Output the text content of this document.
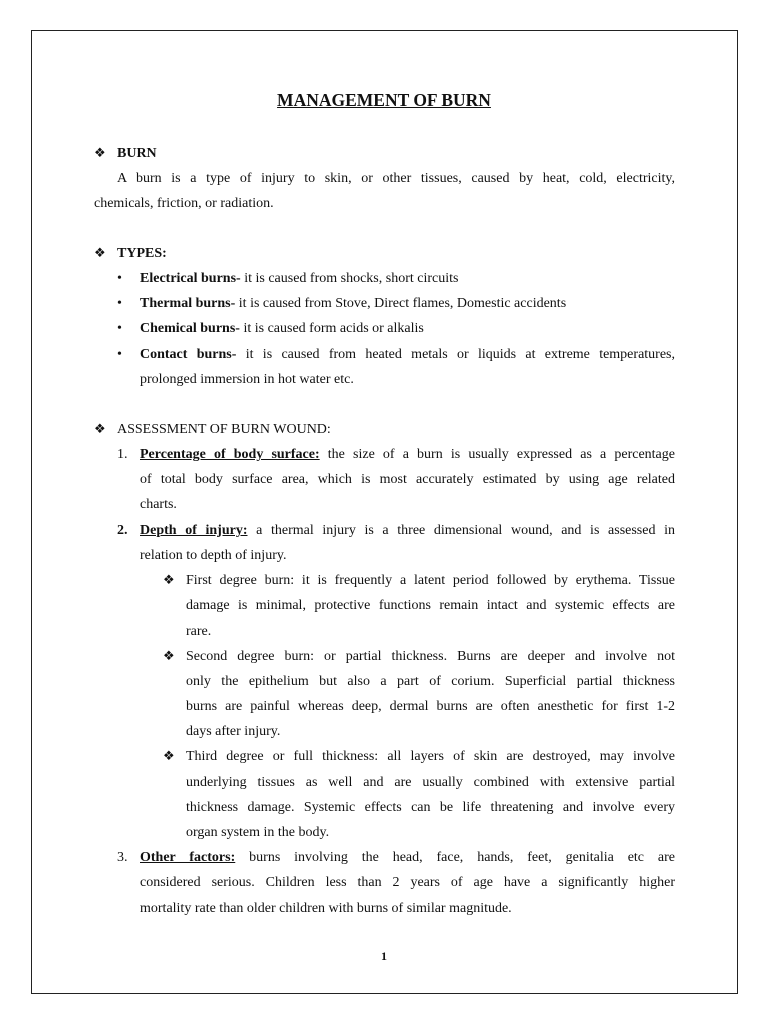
MANAGEMENT OF BURN
❖ BURN
A burn is a type of injury to skin, or other tissues, caused by heat, cold, electricity,
chemicals, friction, or radiation.
❖ TYPES:
• Electrical burns- it is caused from shocks, short circuits
• Thermal burns- it is caused from Stove, Direct flames, Domestic accidents
• Chemical burns- it is caused form acids or alkalis
• Contact burns- it is caused from heated metals or liquids at extreme temperatures,
prolonged immersion in hot water etc.
❖ ASSESSMENT OF BURN WOUND:
1. Percentage of body surface: the size of a burn is usually expressed as a percentage
of total body surface area, which is most accurately estimated by using age related
charts.
2. Depth of injury: a thermal injury is a three dimensional wound, and is assessed in
relation to depth of injury.
❖ First degree burn: it is frequently a latent period followed by erythema. Tissue
damage is minimal, protective functions remain intact and systemic effects are
rare.
❖ Second degree burn: or partial thickness. Burns are deeper and involve not
only the epithelium but also a part of corium. Superficial partial thickness
burns are painful whereas deep, dermal burns are often anesthetic for first 1-2
days after injury.
❖ Third degree or full thickness: all layers of skin are destroyed, may involve
underlying tissues as well and are usually combined with extensive partial
thickness damage. Systemic effects can be life threatening and involve every
organ system in the body.
3. Other factors: burns involving the head, face, hands, feet, genitalia etc are
considered serious. Children less than 2 years of age have a significantly higher
mortality rate than older children with burns of similar magnitude.
1
